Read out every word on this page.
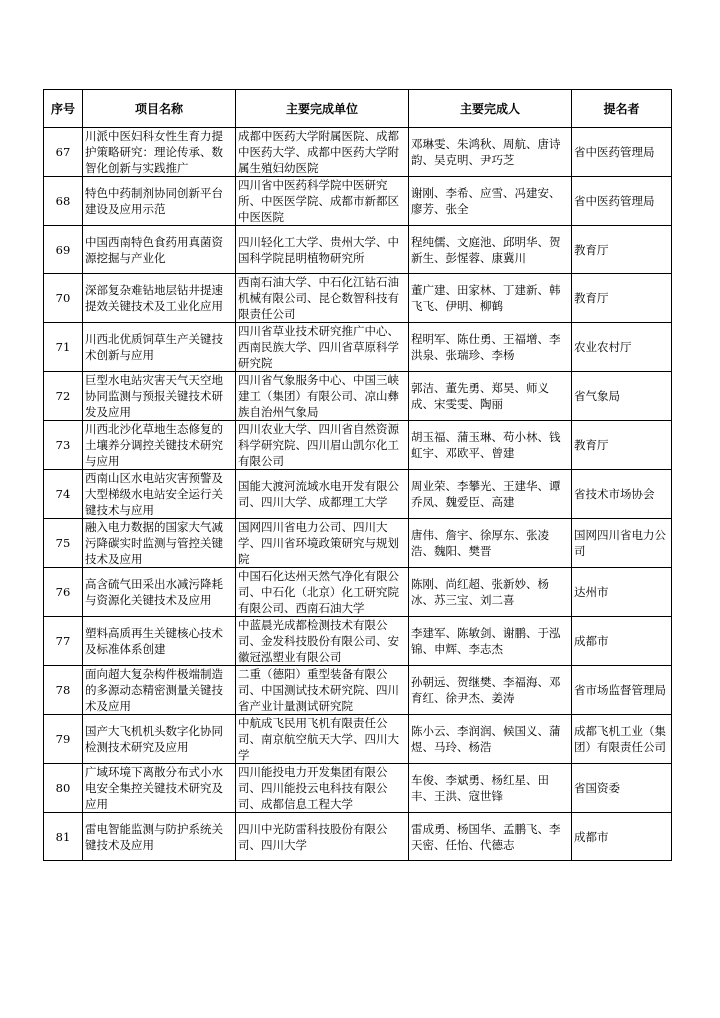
序号	项目名称	主要完成单位	主要完成人	提名者
67	川派中医妇科女性生育力提护策略研究：理论传承、数智化创新与实践推广	成都中医药大学附属医院、成都中医药大学、成都中医药大学附属生殖妇幼医院	邓琳雯、朱鸿秋、周航、唐诗韵、吴克明、尹巧芝	省中医药管理局
68	特色中药制剂协同创新平台建设及应用示范	四川省中医药科学院中医研究所、中医医学院、成都市新都区中医医院	谢刚、李希、应雪、冯建安、廖芳、张全	省中医药管理局
69	中国西南特色食药用真菌资源挖掘与产业化	四川轻化工大学、贵州大学、中国科学院昆明植物研究所	程纯儒、文庭池、邱明华、贺新生、彭惺蓉、康冀川	教育厅
70	深部复杂难钻地层钻井提速提效关键技术及工业化应用	西南石油大学、中石化江钻石油机械有限公司、昆仑数智科技有限责任公司	董广建、田家林、丁建新、韩飞飞、伊明、柳鹤	教育厅
71	川西北优质饲草生产关键技术创新与应用	四川省草业技术研究推广中心、西南民族大学、四川省草原科学研究院	程明军、陈仕勇、王福增、李洪泉、张瑞珍、李杨	农业农村厅
72	巨型水电站灾害天气天空地协同监测与预报关键技术研发及应用	四川省气象服务中心、中国三峡建工（集团）有限公司、凉山彝族自治州气象局	郭洁、董先勇、郑昊、师义成、宋雯雯、陶丽	省气象局
73	川西北沙化草地生态修复的土壤养分调控关键技术研究与应用	四川农业大学、四川省自然资源科学研究院、四川眉山凯尔化工有限公司	胡玉福、蒲玉琳、苟小林、钱虹宇、邓欧平、曾建	教育厅
74	西南山区水电站灾害预警及大型梯级水电站安全运行关键技术与应用	国能大渡河流域水电开发有限公司、四川大学、成都理工大学	周业荣、李攀光、王建华、谭乔凤、魏爱臣、高建	省技术市场协会
75	融入电力数据的国家大气减污降碳实时监测与管控关键技术及应用	国网四川省电力公司、四川大学、四川省环境政策研究与规划院	唐伟、詹宇、徐厚东、张凌浩、魏阳、樊晋	国网四川省电力公司
76	高含硫气田采出水减污降耗与资源化关键技术及应用	中国石化达州天然气净化有限公司、中石化（北京）化工研究院有限公司、西南石油大学	陈刚、尚红超、张新妙、杨冰、苏三宝、刘二喜	达州市
77	塑料高质再生关键核心技术及标准体系创建	中蓝晨光成都检测技术有限公司、金发科技股份有限公司、安徽冠泓塑业有限公司	李建军、陈敏剑、谢鹏、于泓锦、申辉、李志杰	成都市
78	面向超大复杂构件极端制造的多源动态精密测量关键技术及应用	二重（德阳）重型装备有限公司、中国测试技术研究院、四川省产业计量测试研究院	孙朝远、贺继樊、李福海、邓育红、徐尹杰、姜涛	省市场监督管理局
79	国产大飞机机头数字化协同检测技术研究及应用	中航成飞民用飞机有限责任公司、南京航空航天大学、四川大学	陈小云、李润润、候国义、蒲煜、马玲、杨浩	成都飞机工业（集团）有限责任公司
80	广域环境下离散分布式小水电安全集控关键技术研究及应用	四川能投电力开发集团有限公司、四川能投云电科技有限公司、成都信息工程大学	车俊、李斌勇、杨红星、田丰、王洪、寇世锋	省国资委
81	雷电智能监测与防护系统关键技术及应用	四川中光防雷科技股份有限公司、四川大学	雷成勇、杨国华、孟鹏飞、李天密、任怡、代德志	成都市
